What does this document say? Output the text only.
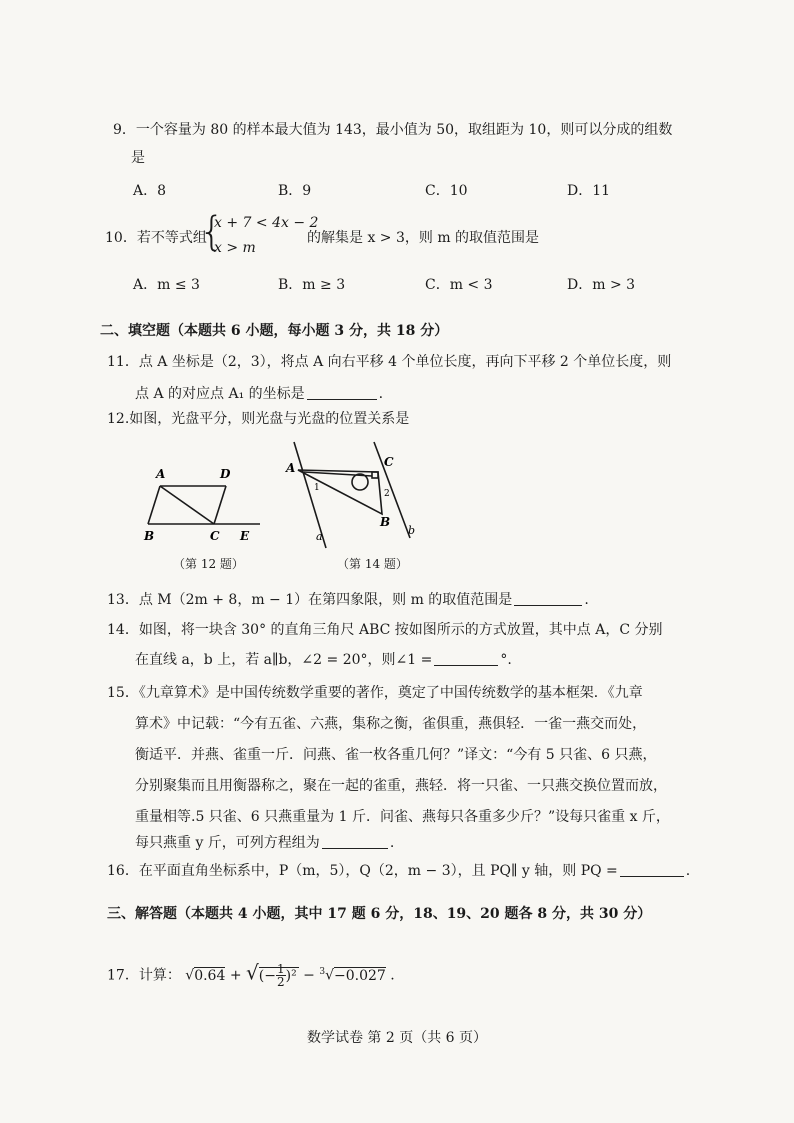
9．一个容量为 80 的样本最大值为 143，最小值为 50，取组距为 10，则可以分成的组数
是
A．8	B．9	C．10	D．11
10．若不等式组
{
x + 7 < 4x − 2
x > m
的解集是 x > 3，则 m 的取值范围是
A．m ≤ 3	B．m ≥ 3	C．m < 3	D．m > 3
二、填空题（本题共 6 小题，每小题 3 分，共 18 分）
11．点 A 坐标是（2，3），将点 A 向右平移 4 个单位长度，再向下平移 2 个单位长度，则
点 A 的对应点 A₁ 的坐标是	.
12.如图，光盘平分，则光盘与光盘的位置关系是
A	D
B	C E
（第 12 题）
A	C
B
a	b
1
2
（第 14 题）
13．点 M（2m + 8，m − 1）在第四象限，则 m 的取值范围是	.
14．如图，将一块含 30° 的直角三角尺 ABC 按如图所示的方式放置，其中点 A，C 分别
在直线 a，b 上，若 a∥b，∠2 = 20°，则∠1 =	°.
15．《九章算术》是中国传统数学重要的著作，奠定了中国传统数学的基本框架．《九章
算术》中记载：“今有五雀、六燕，集称之衡，雀俱重，燕俱轻．一雀一燕交而处，
衡适平．并燕、雀重一斤．问燕、雀一枚各重几何？”译文：“今有 5 只雀、6 只燕，
分别聚集而且用衡器称之，聚在一起的雀重，燕轻．将一只雀、一只燕交换位置而放，
重量相等.5 只雀、6 只燕重量为 1 斤．问雀、燕每只各重多少斤？”设每只雀重 x 斤，
每只燕重 y 斤，可列方程组为	.
16．在平面直角坐标系中，P（m，5），Q（2，m − 3），且 PQ∥ y 轴，则 PQ =	.
三、解答题（本题共 4 小题，其中 17 题 6 分，18、19、20 题各 8 分，共 30 分）
17．计算： √0.64 + √(− $\frac{1}{2} )^2 - ^3√-0.027$ .
数学试卷 第 2 页（共 6 页）
